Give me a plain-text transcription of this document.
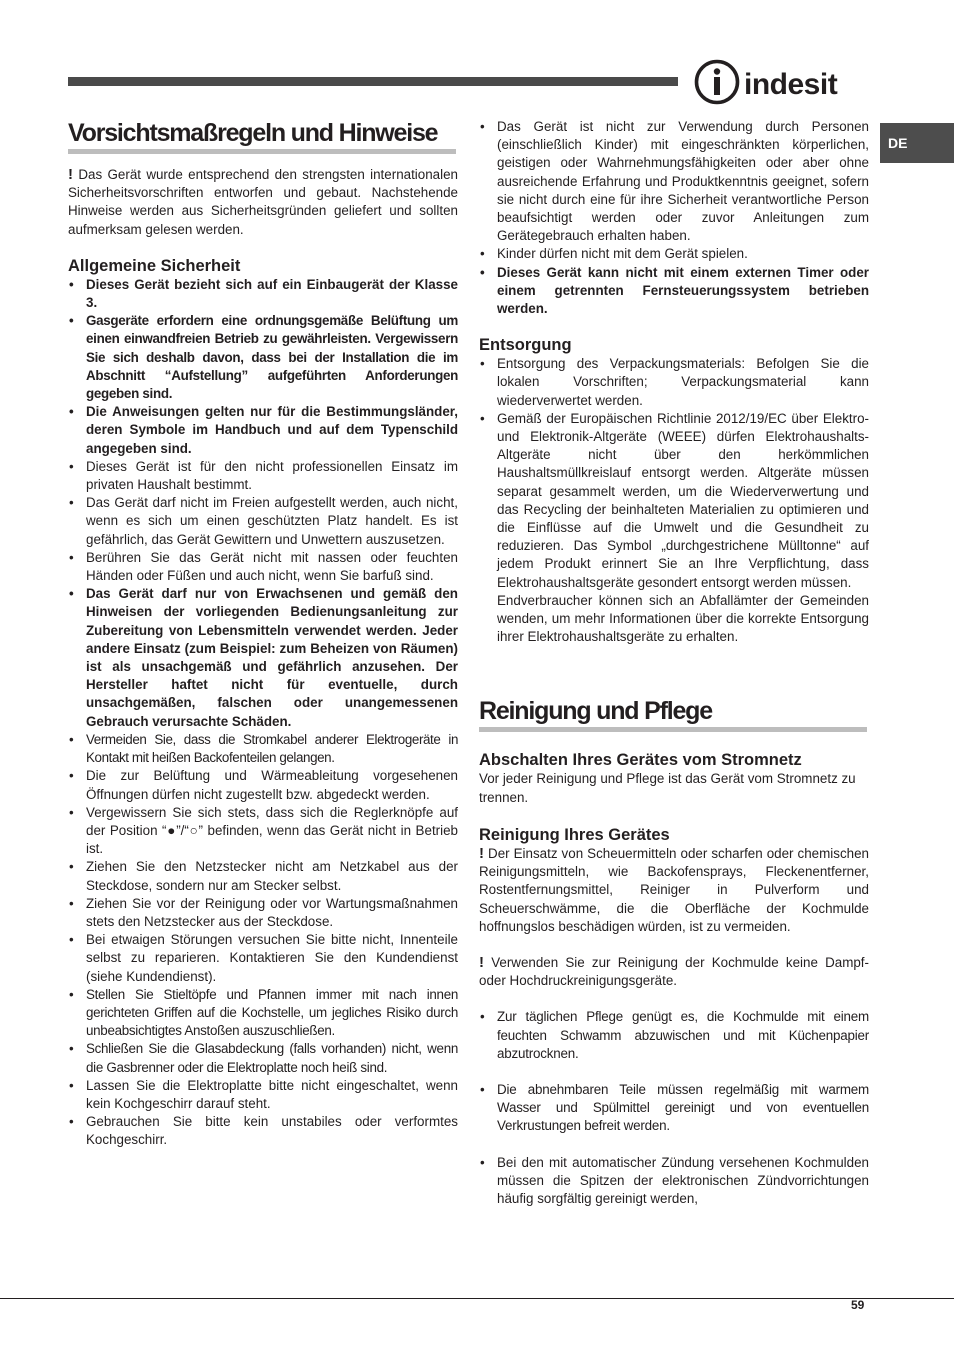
indesit
DE
Vorsichtsmaßregeln und Hinweise

! Das Gerät wurde entsprechend den strengsten internationalen Sicherheitsvorschriften entworfen und gebaut. Nachstehende Hinweise werden aus Sicherheitsgründen geliefert und sollten aufmerksam gelesen werden.

Allgemeine Sicherheit
• Dieses Gerät bezieht sich auf ein Einbaugerät der Klasse 3.
• Gasgeräte erfordern eine ordnungsgemäße Belüftung um einen einwandfreien Betrieb zu gewährleisten. Vergewissern Sie sich deshalb davon, dass bei der Installation die im Abschnitt “Aufstellung” aufgeführten Anforderungen gegeben sind.
• Die Anweisungen gelten nur für die Bestimmungsländer, deren Symbole im Handbuch und auf dem Typenschild angegeben sind.
• Dieses Gerät ist für den nicht professionellen Einsatz im privaten Haushalt bestimmt.
• Das Gerät darf nicht im Freien aufgestellt werden, auch nicht, wenn es sich um einen geschützten Platz handelt. Es ist gefährlich, das Gerät Gewittern und Unwettern auszusetzen.
• Berühren Sie das Gerät nicht mit nassen oder feuchten Händen oder Füßen und auch nicht, wenn Sie barfuß sind.
• Das Gerät darf nur von Erwachsenen und gemäß den Hinweisen der vorliegenden Bedienungsanleitung zur Zubereitung von Lebensmitteln verwendet werden. Jeder andere Einsatz (zum Beispiel: zum Beheizen von Räumen) ist als unsachgemäß und gefährlich anzusehen. Der Hersteller haftet nicht für eventuelle, durch unsachgemäßen, falschen oder unangemessenen Gebrauch verursachte Schäden.
• Vermeiden Sie, dass die Stromkabel anderer Elektrogeräte in Kontakt mit heißen Backofenteilen gelangen.
• Die zur Belüftung und Wärmeableitung vorgesehenen Öffnungen dürfen nicht zugestellt bzw. abgedeckt werden.
• Vergewissern Sie sich stets, dass sich die Reglerknöpfe auf der Position “●”/“○” befinden, wenn das Gerät nicht in Betrieb ist.
• Ziehen Sie den Netzstecker nicht am Netzkabel aus der Steckdose, sondern nur am Stecker selbst.
• Ziehen Sie vor der Reinigung oder vor Wartungsmaßnahmen stets den Netzstecker aus der Steckdose.
• Bei etwaigen Störungen versuchen Sie bitte nicht, Innenteile selbst zu reparieren. Kontaktieren Sie den Kundendienst (siehe Kundendienst).
• Stellen Sie Stieltöpfe und Pfannen immer mit nach innen gerichteten Griffen auf die Kochstelle, um jegliches Risiko durch unbeabsichtigtes Anstoßen auszuschließen.
• Schließen Sie die Glasabdeckung (falls vorhanden) nicht, wenn die Gasbrenner oder die Elektroplatte noch heiß sind.
• Lassen Sie die Elektroplatte bitte nicht eingeschaltet, wenn kein Kochgeschirr darauf steht.
• Gebrauchen Sie bitte kein unstabiles oder verformtes Kochgeschirr.
• Das Gerät ist nicht zur Verwendung durch Personen (einschließlich Kinder) mit eingeschränkten körperlichen, geistigen oder Wahrnehmungsfähigkeiten oder aber ohne ausreichende Erfahrung und Produktkenntnis geeignet, sofern sie nicht durch eine für ihre Sicherheit verantwortliche Person beaufsichtigt werden oder zuvor Anleitungen zum Gerätegebrauch erhalten haben.
• Kinder dürfen nicht mit dem Gerät spielen.
• Dieses Gerät kann nicht mit einem externen Timer oder einem getrennten Fernsteuerungssystem betrieben werden.
Entsorgung
• Entsorgung des Verpackungsmaterials: Befolgen Sie die lokalen Vorschriften; Verpackungsmaterial kann wiederverwertet werden.
• Gemäß der Europäischen Richtlinie 2012/19/EC über Elektro- und Elektronik-Altgeräte (WEEE) dürfen Elektrohaushalts-Altgeräte nicht über den herkömmlichen Haushaltsmüllkreislauf entsorgt werden. Altgeräte müssen separat gesammelt werden, um die Wiederverwertung und das Recycling der beinhalteten Materialien zu optimieren und die Einflüsse auf die Umwelt und die Gesundheit zu reduzieren. Das Symbol „durchgestrichene Mülltonne“ auf jedem Produkt erinnert Sie an Ihre Verpflichtung, dass Elektrohaushaltsgeräte gesondert entsorgt werden müssen.

Endverbraucher können sich an Abfallämter der Gemeinden wenden, um mehr Informationen über die korrekte Entsorgung ihrer Elektrohaushaltsgeräte zu erhalten.

Reinigung und Pflege
Abschalten Ihres Gerätes vom Stromnetz

Vor jeder Reinigung und Pflege ist das Gerät vom Stromnetz zu trennen.

Reinigung Ihres Gerätes

! Der Einsatz von Scheuermitteln oder scharfen oder chemischen Reinigungsmitteln, wie Backofensprays, Fleckenentferner, Rostentfernungsmittel, Reiniger in Pulverform und Scheuerschwämme, die die Oberfläche der Kochmulde hoffnungslos beschädigen würden, ist zu vermeiden.

! Verwenden Sie zur Reinigung der Kochmulde keine Dampf- oder Hochdruckreinigungsgeräte.

• Zur täglichen Pflege genügt es, die Kochmulde mit einem feuchten Schwamm abzuwischen und mit Küchenpapier abzutrocknen.
• Die abnehmbaren Teile müssen regelmäßig mit warmem Wasser und Spülmittel gereinigt und von eventuellen Verkrustungen befreit werden.
• Bei den mit automatischer Zündung versehenen Kochmulden müssen die Spitzen der elektronischen Zündvorrichtungen häufig sorgfältig gereinigt werden,
59
